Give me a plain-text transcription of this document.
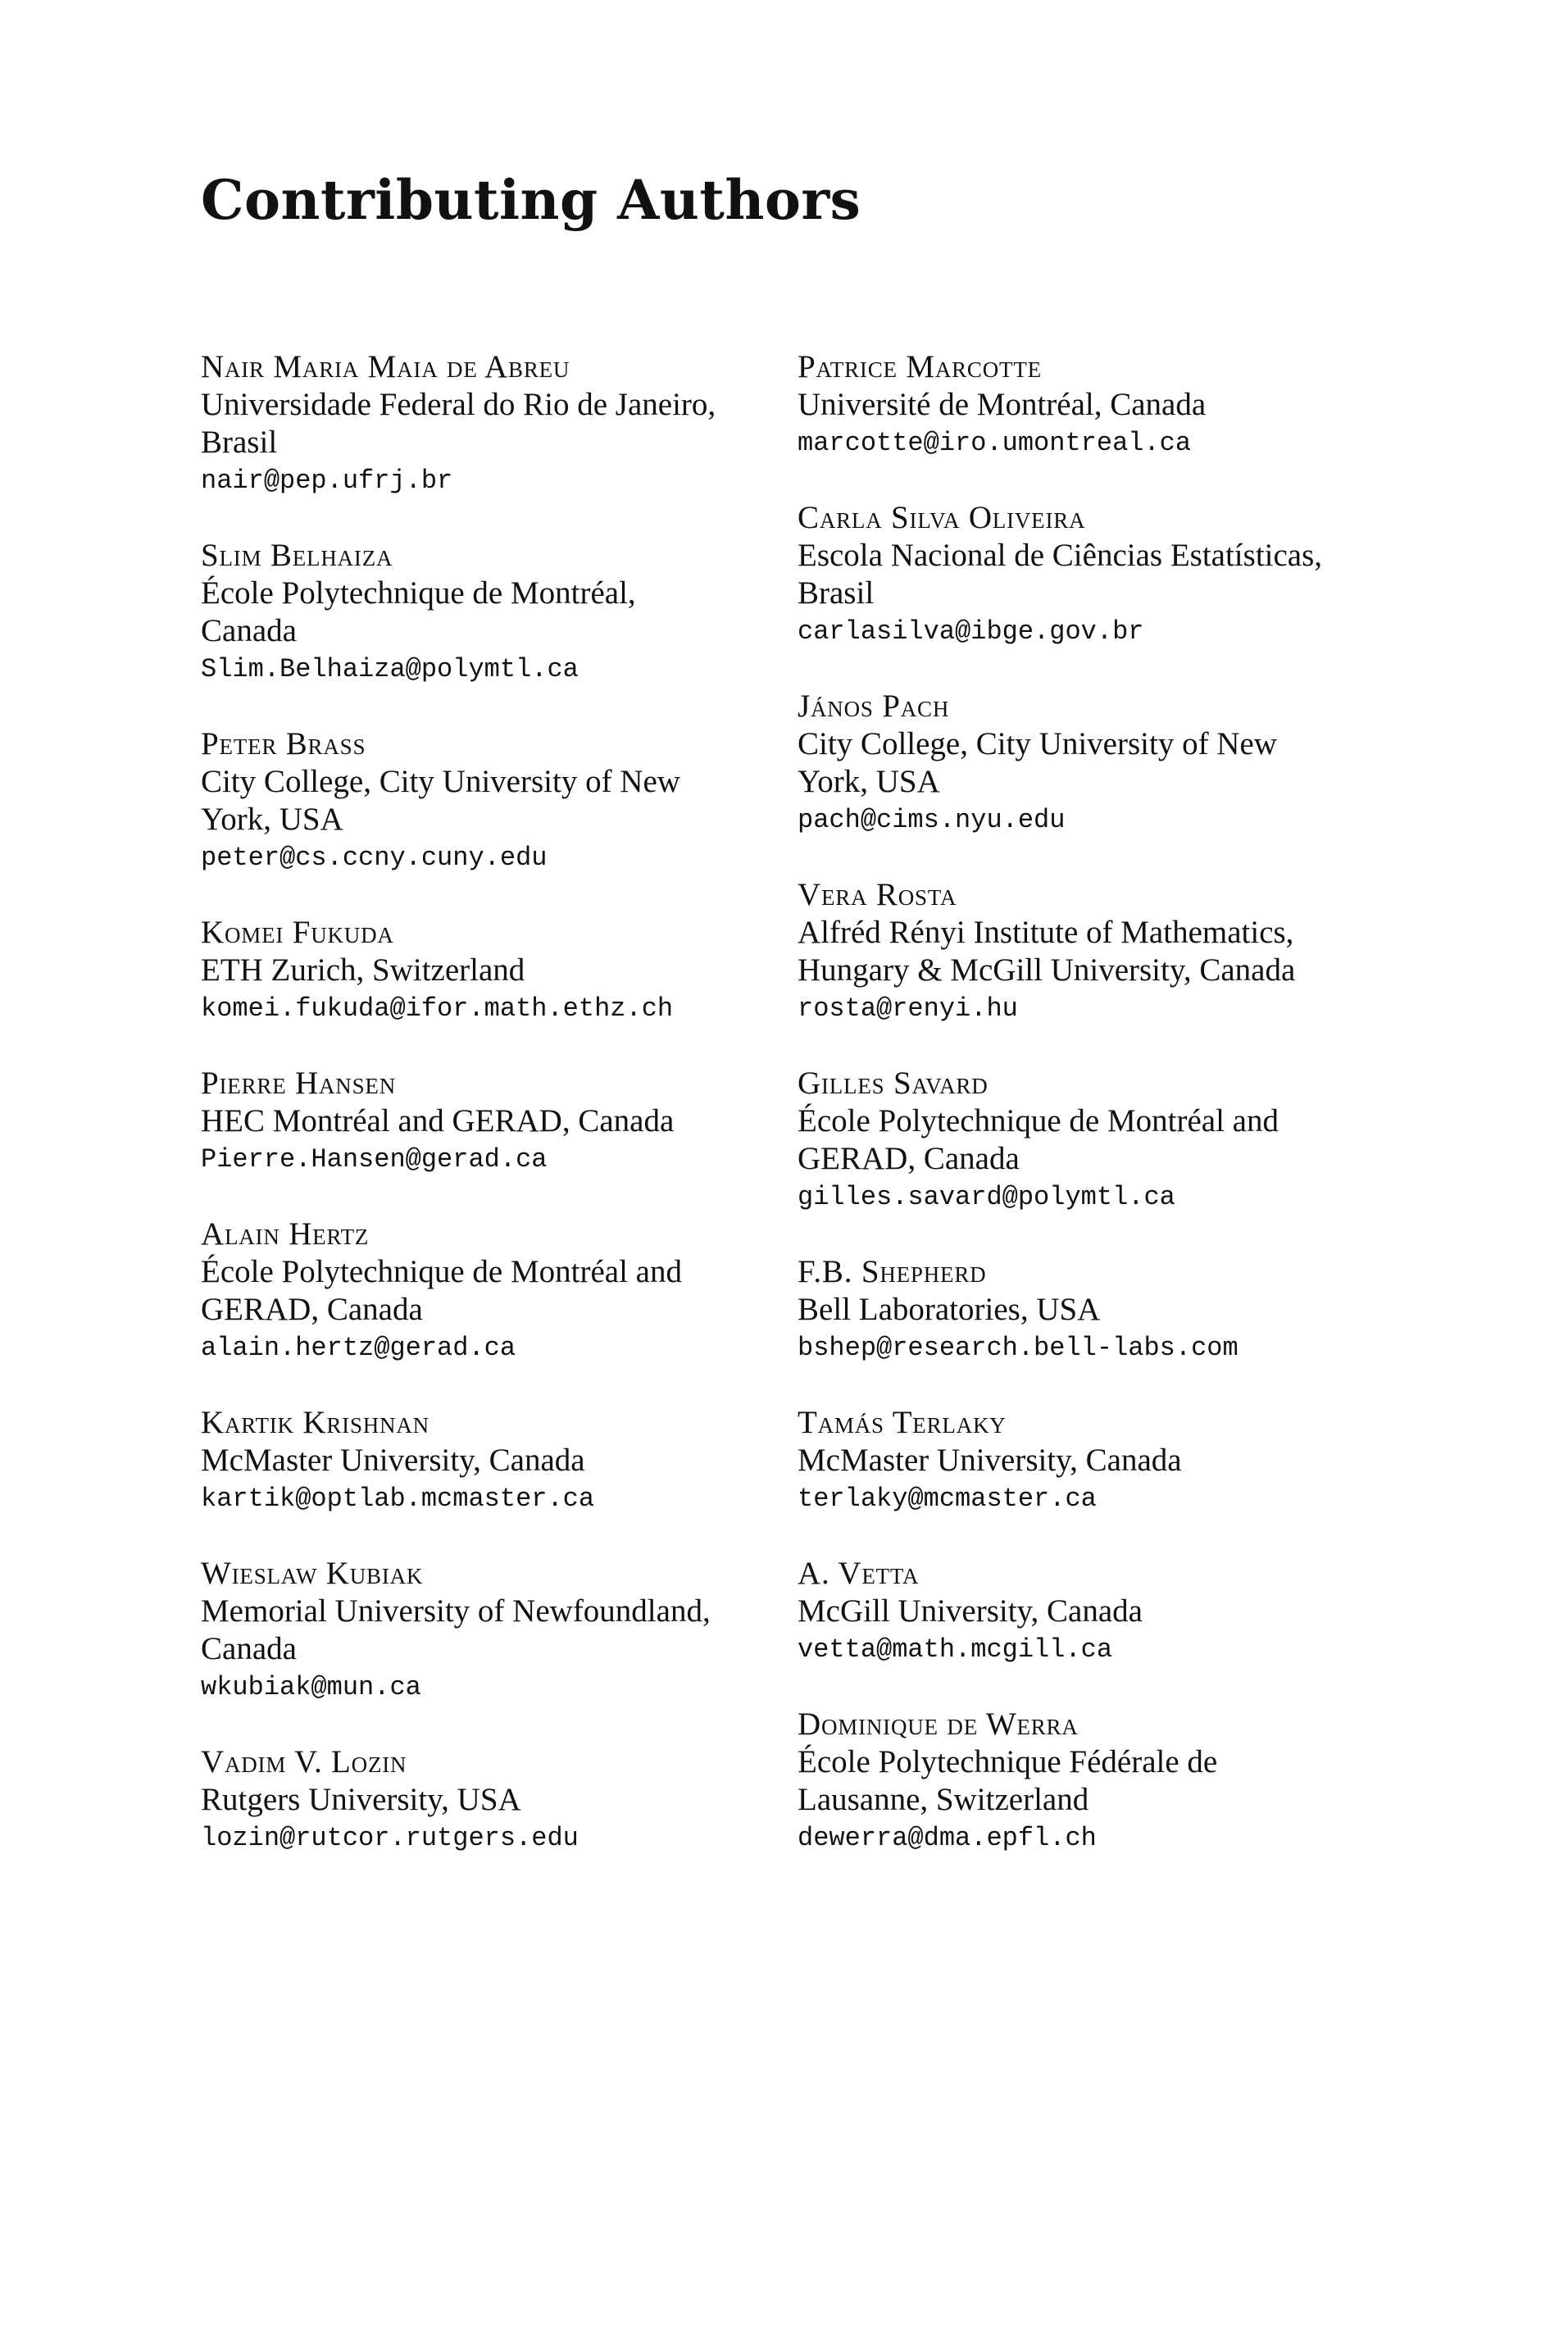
Contributing Authors
Nair Maria Maia de Abreu
Universidade Federal do Rio de Janeiro,
Brasil
nair@pep.ufrj.br
Slim Belhaiza
École Polytechnique de Montréal,
Canada
Slim.Belhaiza@polymtl.ca
Peter Brass
City College, City University of New
York, USA
peter@cs.ccny.cuny.edu
Komei Fukuda
ETH Zurich, Switzerland
komei.fukuda@ifor.math.ethz.ch
Pierre Hansen
HEC Montréal and GERAD, Canada
Pierre.Hansen@gerad.ca
Alain Hertz
École Polytechnique de Montréal and
GERAD, Canada
alain.hertz@gerad.ca
Kartik Krishnan
McMaster University, Canada
kartik@optlab.mcmaster.ca
Wieslaw Kubiak
Memorial University of Newfoundland,
Canada
wkubiak@mun.ca
Vadim V. Lozin
Rutgers University, USA
lozin@rutcor.rutgers.edu
Patrice Marcotte
Université de Montréal, Canada
marcotte@iro.umontreal.ca
Carla Silva Oliveira
Escola Nacional de Ciências Estatísticas,
Brasil
carlasilva@ibge.gov.br
János Pach
City College, City University of New
York, USA
pach@cims.nyu.edu
Vera Rosta
Alfréd Rényi Institute of Mathematics,
Hungary & McGill University, Canada
rosta@renyi.hu
Gilles Savard
École Polytechnique de Montréal and
GERAD, Canada
gilles.savard@polymtl.ca
F.B. Shepherd
Bell Laboratories, USA
bshep@research.bell-labs.com
Tamás Terlaky
McMaster University, Canada
terlaky@mcmaster.ca
A. Vetta
McGill University, Canada
vetta@math.mcgill.ca
Dominique de Werra
École Polytechnique Fédérale de
Lausanne, Switzerland
dewerra@dma.epfl.ch
